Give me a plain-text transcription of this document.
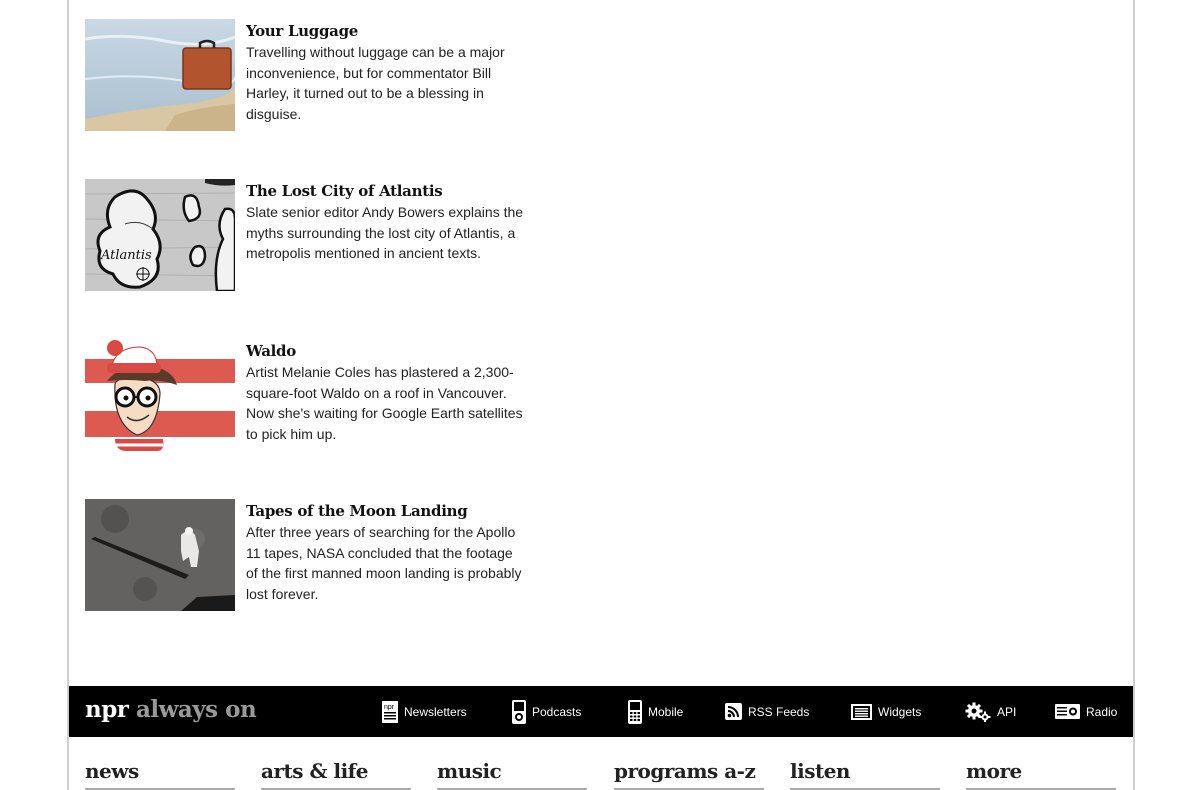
Your Luggage
Travelling without luggage can be a major inconvenience, but for commentator Bill Harley, it turned out to be a blessing in disguise.
Atlantis
The Lost City of Atlantis
Slate senior editor Andy Bowers explains the myths surrounding the lost city of Atlantis, a metropolis mentioned in ancient texts.
Waldo
Artist Melanie Coles has plastered a 2,300-square-foot Waldo on a roof in Vancouver. Now she's waiting for Google Earth satellites to pick him up.
Tapes of the Moon Landing
After three years of searching for the Apollo 11 tapes, NASA concluded that the footage of the first manned moon landing is probably lost forever.
npr always on	npr Newsletters	Podcasts	Mobile	RSS Feeds	Widgets	API	Radio
news	arts & life	music	programs a-z	listen	more
